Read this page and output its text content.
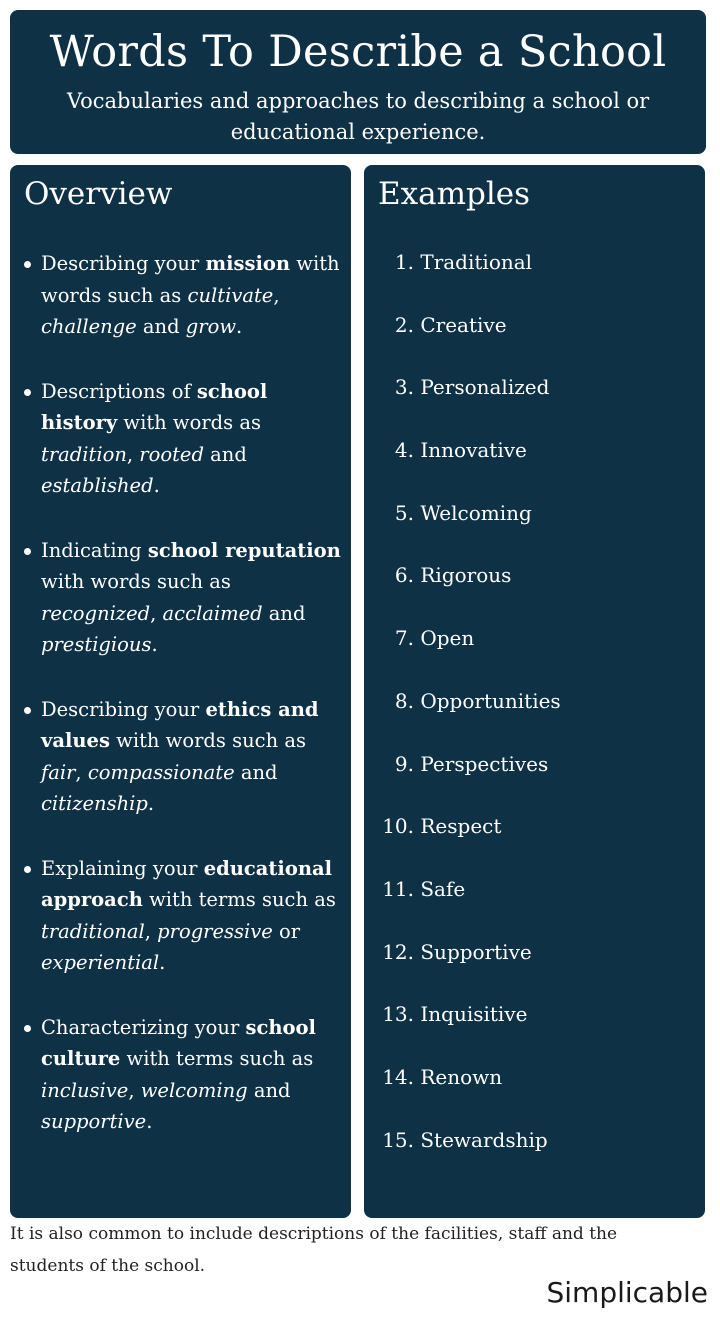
Words To Describe a School

Vocabularies and approaches to describing a school or educational experience.

Overview
Describing your mission with words such as cultivate, challenge and grow.
Descriptions of school history with words as tradition, rooted and established.
Indicating school reputation with words such as recognized, acclaimed and prestigious.
Describing your ethics and values with words such as fair, compassionate and citizenship.
Explaining your educational approach with terms such as traditional, progressive or experiential.
Characterizing your school culture with terms such as inclusive, welcoming and supportive.
Examples
1. Traditional
2. Creative
3. Personalized
4. Innovative
5. Welcoming
6. Rigorous
7. Open
8. Opportunities
9. Perspectives
10. Respect
11. Safe
12. Supportive
13. Inquisitive
14. Renown
15. Stewardship
It is also common to include descriptions of the facilities, staff and the students of the school.
Simplicable
